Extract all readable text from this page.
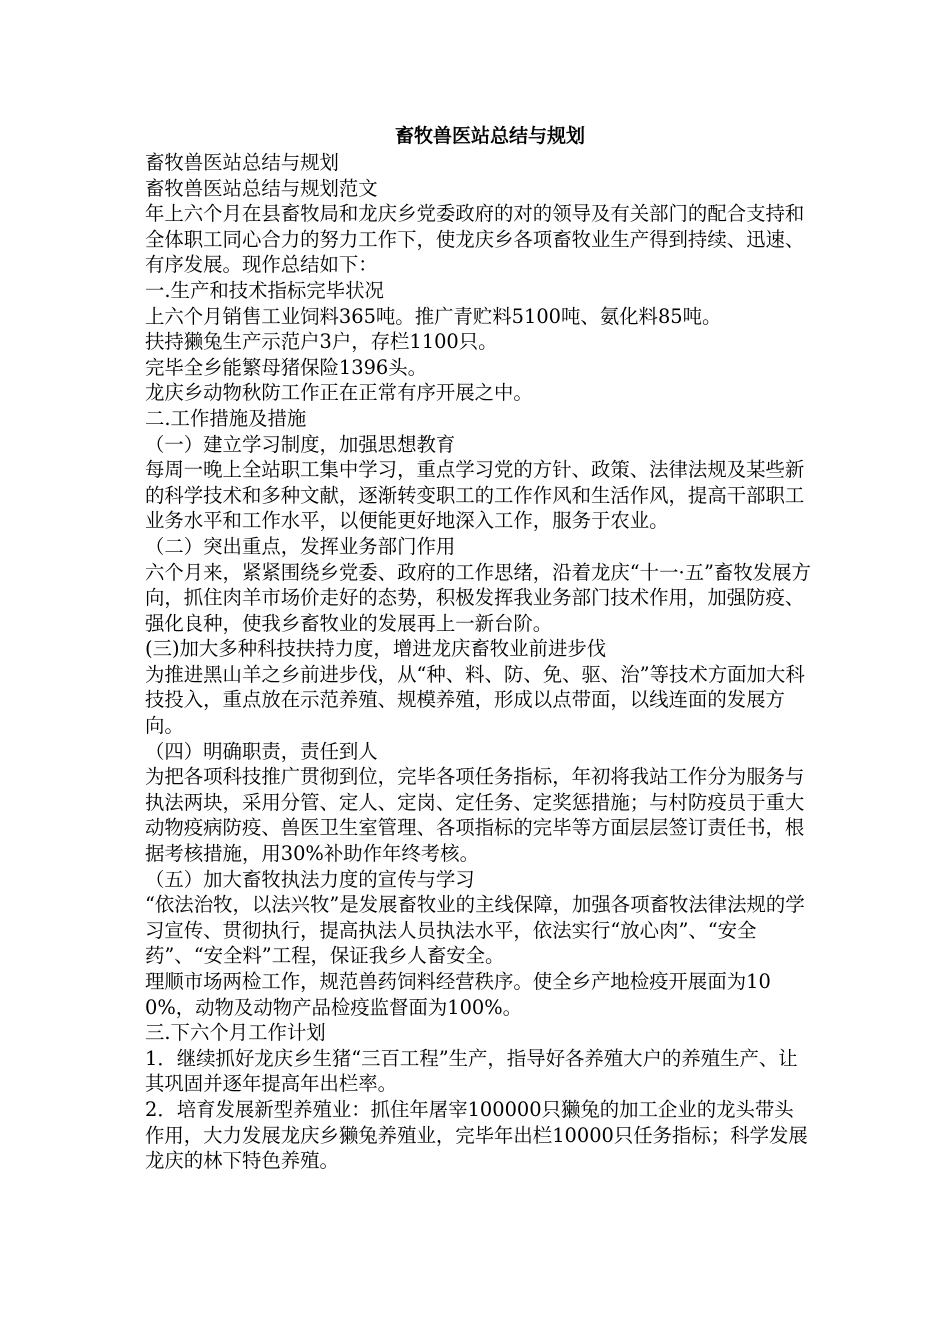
畜牧兽医站总结与规划

畜牧兽医站总结与规划

畜牧兽医站总结与规划范文

年上六个月在县畜牧局和龙庆乡党委政府的对的领导及有关部门的配合支持和全体职工同心合力的努力工作下，使龙庆乡各项畜牧业生产得到持续、迅速、有序发展。现作总结如下：

一.生产和技术指标完毕状况

上六个月销售工业饲料365吨。推广青贮料5100吨、氨化料85吨。

扶持獭兔生产示范户3户，存栏1100只。

完毕全乡能繁母猪保险1396头。

龙庆乡动物秋防工作正在正常有序开展之中。

二.工作措施及措施

（一）建立学习制度，加强思想教育

每周一晚上全站职工集中学习，重点学习党的方针、政策、法律法规及某些新的科学技术和多种文献，逐渐转变职工的工作作风和生活作风，提高干部职工业务水平和工作水平，以便能更好地深入工作，服务于农业。

（二）突出重点，发挥业务部门作用

六个月来，紧紧围绕乡党委、政府的工作思绪，沿着龙庆“十一·五”畜牧发展方向，抓住肉羊市场价走好的态势，积极发挥我业务部门技术作用，加强防疫、强化良种，使我乡畜牧业的发展再上一新台阶。

(三)加大多种科技扶持力度，增进龙庆畜牧业前进步伐

为推进黑山羊之乡前进步伐，从“种、料、防、免、驱、治”等技术方面加大科技投入，重点放在示范养殖、规模养殖，形成以点带面，以线连面的发展方向。

（四）明确职责，责任到人

为把各项科技推广贯彻到位，完毕各项任务指标，年初将我站工作分为服务与执法两块，采用分管、定人、定岗、定任务、定奖惩措施；与村防疫员于重大动物疫病防疫、兽医卫生室管理、各项指标的完毕等方面层层签订责任书，根据考核措施，用30%补助作年终考核。

（五）加大畜牧执法力度的宣传与学习

“依法治牧，以法兴牧”是发展畜牧业的主线保障，加强各项畜牧法律法规的学习宣传、贯彻执行，提高执法人员执法水平，依法实行“放心肉”、“安全药”、“安全料”工程，保证我乡人畜安全。

理顺市场两检工作，规范兽药饲料经营秩序。使全乡产地检疫开展面为100%，动物及动物产品检疫监督面为100%。

三.下六个月工作计划

1．继续抓好龙庆乡生猪“三百工程”生产，指导好各养殖大户的养殖生产、让其巩固并逐年提高年出栏率。

2．培育发展新型养殖业：抓住年屠宰100000只獭兔的加工企业的龙头带头作用，大力发展龙庆乡獭兔养殖业，完毕年出栏10000只任务指标；科学发展龙庆的林下特色养殖。
